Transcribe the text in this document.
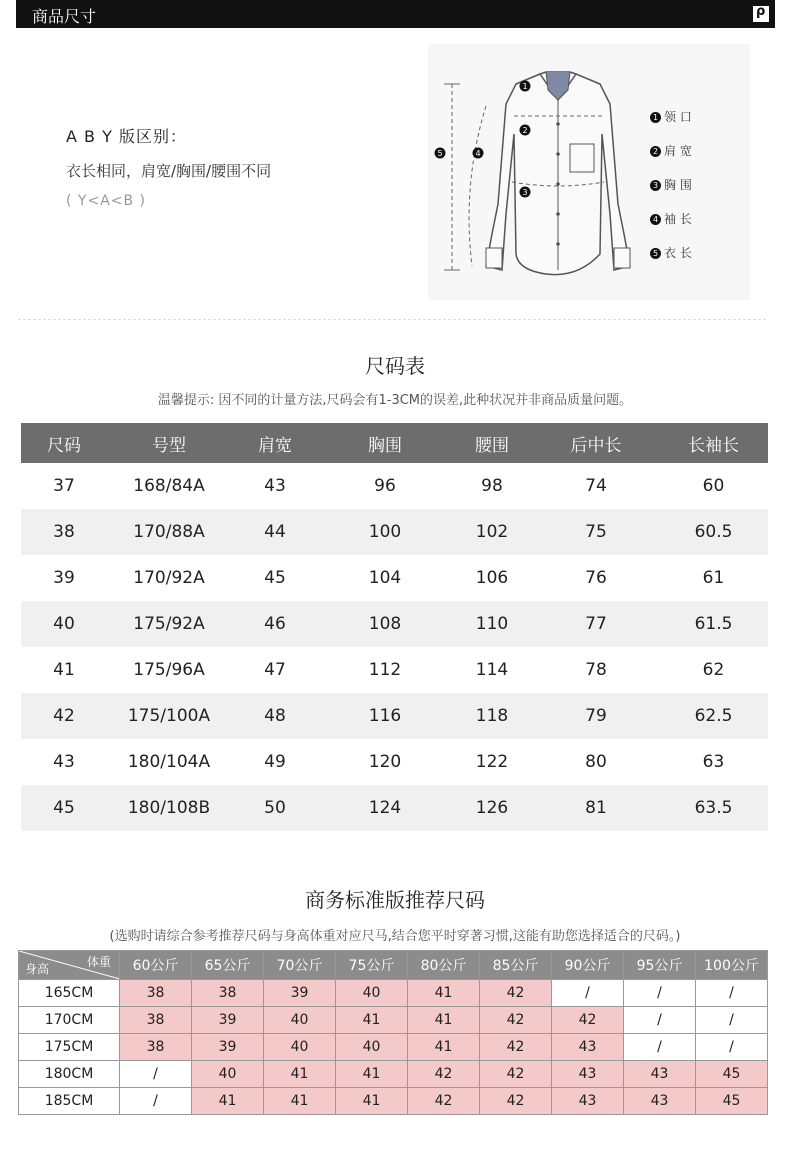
商品尺寸	ρ
A B Y 版区别：
衣长相同，肩宽/胸围/腰围不同
( Y<A<B )
1
2
3
4
5
1 领 口
2 肩 宽
3 胸 围
4 袖 长
5 衣 长
尺码表
温馨提示: 因不同的计量方法,尺码会有1-3CM的误差,此种状况并非商品质量问题。
尺码	号型	肩宽	胸围	腰围	后中长	长袖长
37	168/84A	43	96	98	74	60
38	170/88A	44	100	102	75	60.5
39	170/92A	45	104	106	76	61
40	175/92A	46	108	110	77	61.5
41	175/96A	47	112	114	78	62
42	175/100A	48	116	118	79	62.5
43	180/104A	49	120	122	80	63
45	180/108B	50	124	126	81	63.5
商务标准版推荐尺码
(选购时请综合参考推荐尺码与身高体重对应尺马,结合您平时穿著习惯,这能有助您选择适合的尺码。)
体重
身高	60公斤	65公斤	70公斤	75公斤	80公斤	85公斤	90公斤	95公斤	100公斤
165CM	38	38	39	40	41	42	/	/	/
170CM	38	39	40	41	41	42	42	/	/
175CM	38	39	40	40	41	42	43	/	/
180CM	/	40	41	41	42	42	43	43	45
185CM	/	41	41	41	42	42	43	43	45
